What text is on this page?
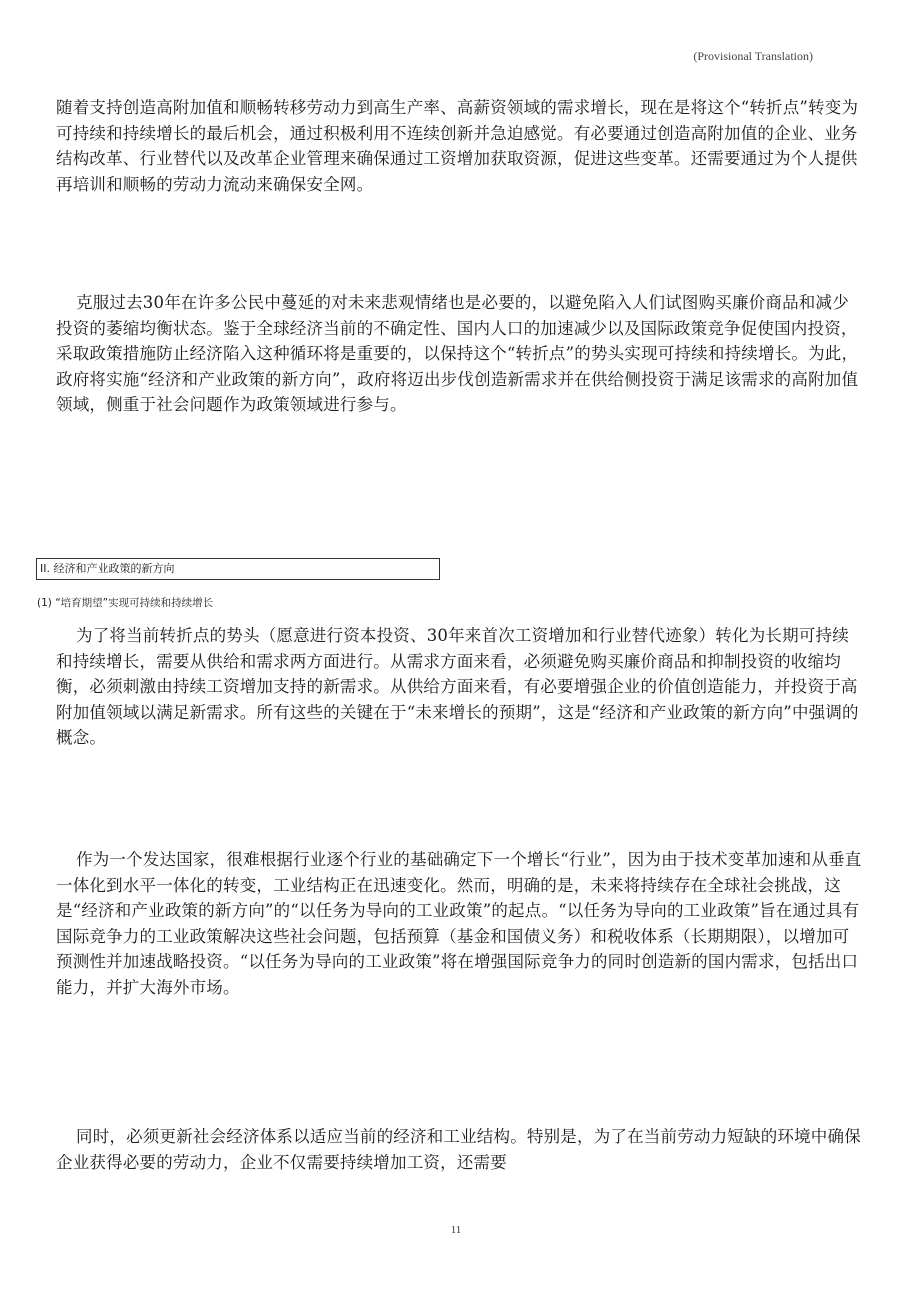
(Provisional Translation)

随着支持创造高附加值和顺畅转移劳动力到高生产率、高薪资领域的需求增长，现在是将这个“转折点”转变为可持续和持续增长的最后机会，通过积极利用不连续创新并急迫感觉。有必要通过创造高附加值的企业、业务结构改革、行业替代以及改革企业管理来确保通过工资增加获取资源，促进这些变革。还需要通过为个人提供再培训和顺畅的劳动力流动来确保安全网。

克服过去30年在许多公民中蔓延的对未来悲观情绪也是必要的，以避免陷入人们试图购买廉价商品和减少投资的萎缩均衡状态。鉴于全球经济当前的不确定性、国内人口的加速减少以及国际政策竞争促使国内投资，采取政策措施防止经济陷入这种循环将是重要的，以保持这个“转折点”的势头实现可持续和持续增长。为此，政府将实施“经济和产业政策的新方向”，政府将迈出步伐创造新需求并在供给侧投资于满足该需求的高附加值领域，侧重于社会问题作为政策领域进行参与。

II. 经济和产业政策的新方向
(1) “培育期望”实现可持续和持续增长

为了将当前转折点的势头（愿意进行资本投资、30年来首次工资增加和行业替代迹象）转化为长期可持续和持续增长，需要从供给和需求两方面进行。从需求方面来看，必须避免购买廉价商品和抑制投资的收缩均衡，必须刺激由持续工资增加支持的新需求。从供给方面来看，有必要增强企业的价值创造能力，并投资于高附加值领域以满足新需求。所有这些的关键在于“未来增长的预期”，这是“经济和产业政策的新方向”中强调的概念。

作为一个发达国家，很难根据行业逐个行业的基础确定下一个增长“行业”，因为由于技术变革加速和从垂直一体化到水平一体化的转变，工业结构正在迅速变化。然而，明确的是，未来将持续存在全球社会挑战，这是“经济和产业政策的新方向”的“以任务为导向的工业政策”的起点。“以任务为导向的工业政策”旨在通过具有国际竞争力的工业政策解决这些社会问题，包括预算（基金和国债义务）和税收体系（长期期限），以增加可预测性并加速战略投资。“以任务为导向的工业政策”将在增强国际竞争力的同时创造新的国内需求，包括出口能力，并扩大海外市场。

同时，必须更新社会经济体系以适应当前的经济和工业结构。特别是，为了在当前劳动力短缺的环境中确保企业获得必要的劳动力，企业不仅需要持续增加工资，还需要

11
